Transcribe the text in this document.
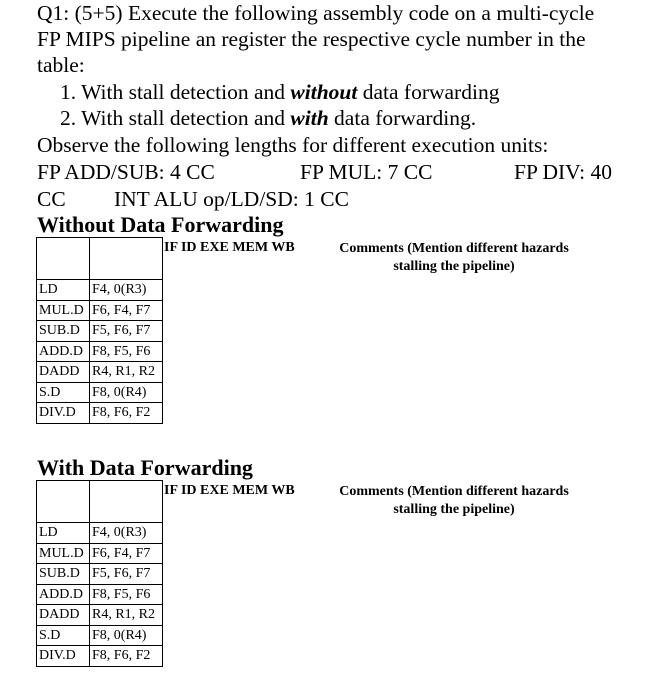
Q1: (5+5) Execute the following assembly code on a multi-cycle
FP MIPS pipeline an register the respective cycle number in the
table:
1. With stall detection and without data forwarding
2. With stall detection and with data forwarding.
Observe the following lengths for different execution units:
FP ADD/SUB: 4 CC	FP MUL: 7 CC	FP DIV: 40
CC INT ALU op/LD/SD: 1 CC
Without Data Forwarding
IF ID EXE MEM WB	Comments (Mention different hazards stalling the pipeline)

LD	F4, 0(R3)
MUL.D	F6, F4, F7
SUB.D	F5, F6, F7
ADD.D	F8, F5, F6
DADD	R4, R1, R2
S.D	F8, 0(R4)
DIV.D	F8, F6, F2
With Data Forwarding
IF ID EXE MEM WB	Comments (Mention different hazards stalling the pipeline)

LD	F4, 0(R3)
MUL.D	F6, F4, F7
SUB.D	F5, F6, F7
ADD.D	F8, F5, F6
DADD	R4, R1, R2
S.D	F8, 0(R4)
DIV.D	F8, F6, F2
